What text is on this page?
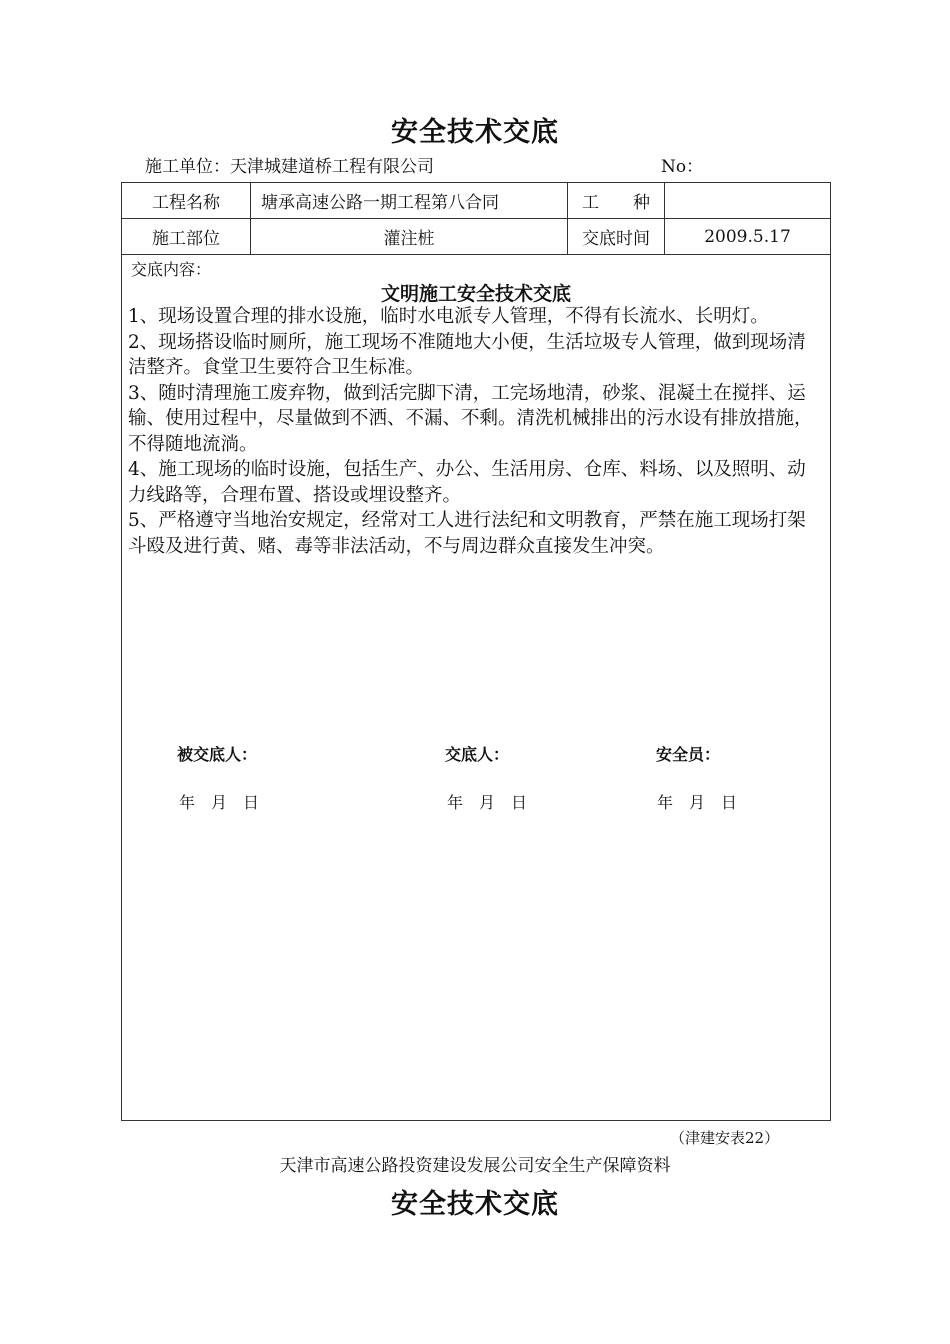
安全技术交底
施工单位：天津城建道桥工程有限公司	No：
工程名称	塘承高速公路一期工程第八合同	工　　种	
施工部位	灌注桩	交底时间	2009.5.17
交底内容：
文明施工安全技术交底

1、现场设置合理的排水设施，临时水电派专人管理，不得有长流水、长明灯。

2、现场搭设临时厕所，施工现场不准随地大小便，生活垃圾专人管理，做到现场清洁整齐。食堂卫生要符合卫生标准。

3、随时清理施工废弃物，做到活完脚下清，工完场地清，砂浆、混凝土在搅拌、运输、使用过程中，尽量做到不洒、不漏、不剩。清洗机械排出的污水设有排放措施，不得随地流淌。

4、施工现场的临时设施，包括生产、办公、生活用房、仓库、料场、以及照明、动力线路等，合理布置、搭设或埋设整齐。

5、严格遵守当地治安规定，经常对工人进行法纪和文明教育，严禁在施工现场打架斗殴及进行黄、赌、毒等非法活动，不与周边群众直接发生冲突。

被交底人：	交底人：	安全员：
年　月　日	年　月　日	年　月　日
（津建安表22）
天津市高速公路投资建设发展公司安全生产保障资料
安全技术交底
